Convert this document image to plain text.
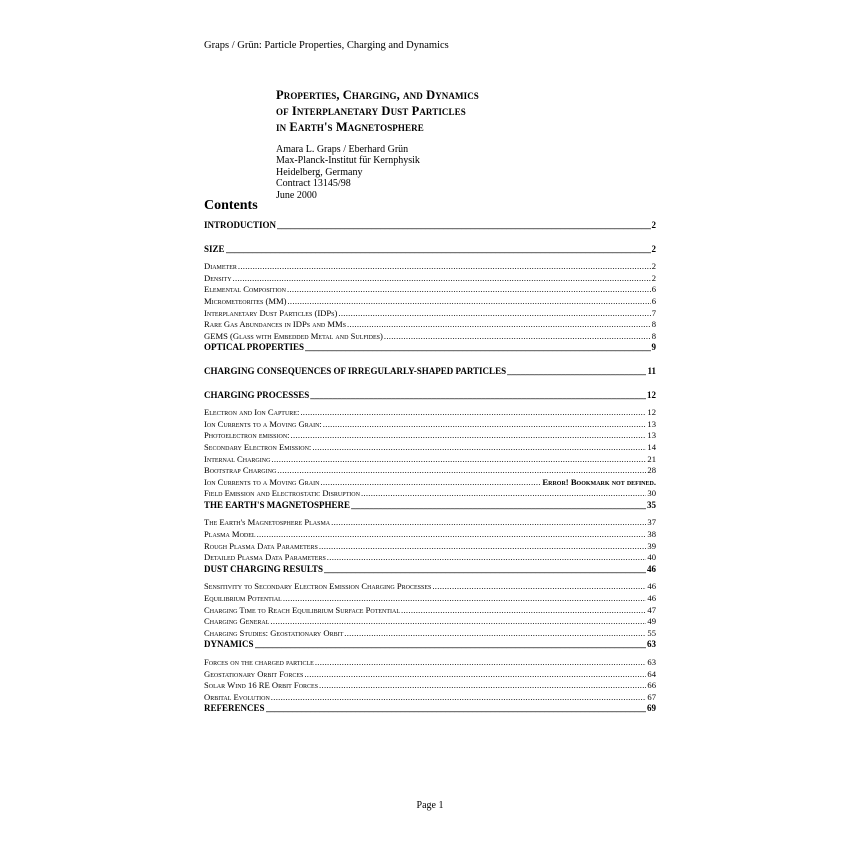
Graps / Grün: Particle Properties, Charging and Dynamics
Properties, Charging, and Dynamics
of Interplanetary Dust Particles
in Earth's Magnetosphere
Amara L. Graps / Eberhard Grün
Max-Planck-Institut für Kernphysik
Heidelberg, Germany
Contract 13145/98
June 2000
Contents
INTRODUCTION _____	2
SIZE _____	2
Diameter .....	2
Density .....	2
Elemental Composition .....	6
Micrometeorites (MM) .....	6
Interplanetary Dust Particles (IDPs) .....	7
Rare Gas Abundances in IDPs and MMs .....	8
GEMS (Glass with Embedded Metal and Sulfides) .....	8
OPTICAL PROPERTIES _____	9
CHARGING CONSEQUENCES OF IRREGULARLY-SHAPED PARTICLES _____	11
CHARGING PROCESSES _____	12
Electron and Ion Capture: .....	12
Ion Currents to a Moving Grain: .....	13
Photoelectron emission: .....	13
Secondary Electron Emission: .....	14
Internal Charging .....	21
Bootstrap Charging .....	28
Ion Currents to a Moving Grain .....	Error! Bookmark not defined.
Field Emission and Electrostatic Disruption .....	30
THE EARTH'S MAGNETOSPHERE _____	35
The Earth's Magnetosphere Plasma .....	37
Plasma Model .....	38
Rough Plasma Data Parameters .....	39
Detailed Plasma Data Parameters .....	40
DUST CHARGING RESULTS _____	46
Sensitivity to Secondary Electron Emission Charging Processes .....	46
Equilibrium Potential .....	46
Charging Time to Reach Equilibrium Surface Potential .....	47
Charging General .....	49
Charging Studies: Geostationary Orbit .....	55
DYNAMICS _____	63
Forces on the charged particle .....	63
Geostationary Orbit Forces .....	64
Solar Wind 16 RE Orbit Forces .....	66
Orbital Evolution .....	67
REFERENCES _____	69
Page 1
